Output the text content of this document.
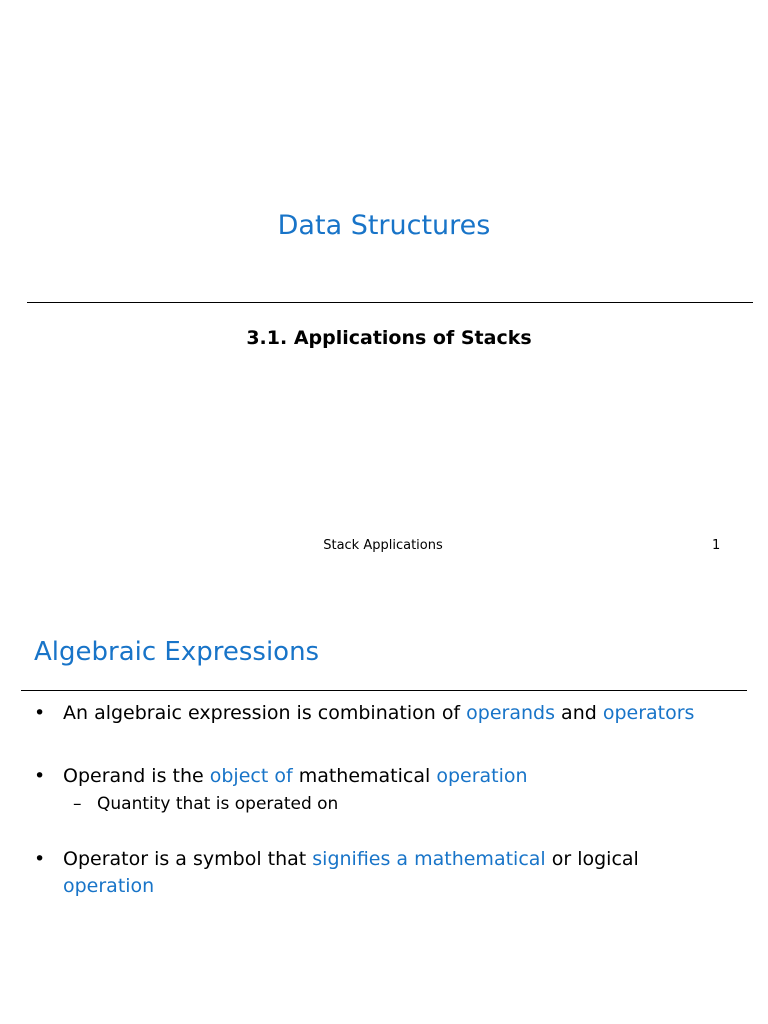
Data Structures
3.1. Applications of Stacks
Stack Applications	1
Algebraic Expressions
• An algebraic expression is combination of operands and operators
• Operand is the object of mathematical operation
– Quantity that is operated on
• Operator is a symbol that signifies a mathematical or logical operation
